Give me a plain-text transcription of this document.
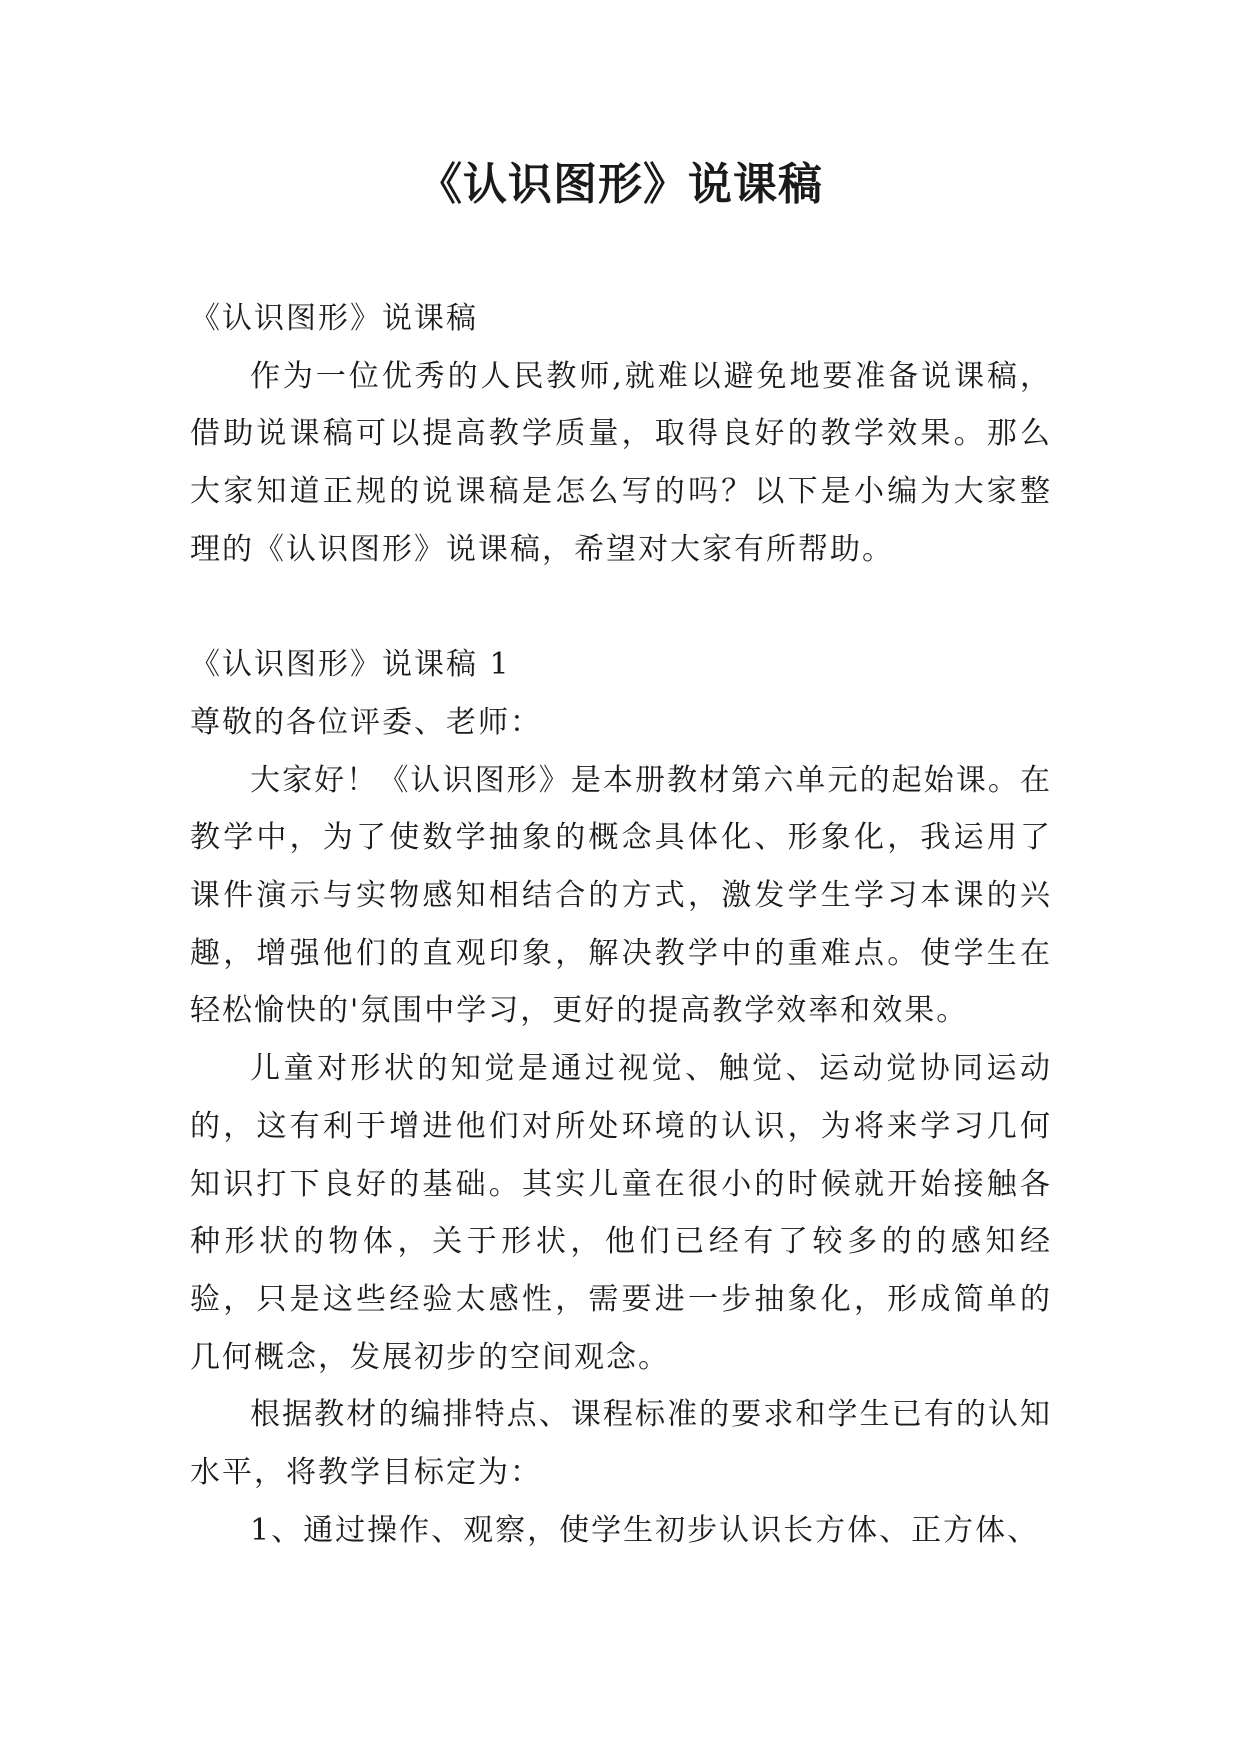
《认识图形》说课稿

《认识图形》说课稿

作为一位优秀的人民教师,就难以避免地要准备说课稿，借助说课稿可以提高教学质量，取得良好的教学效果。那么大家知道正规的说课稿是怎么写的吗？以下是小编为大家整理的《认识图形》说课稿，希望对大家有所帮助。

《认识图形》说课稿 1

尊敬的各位评委、老师：

大家好！《认识图形》是本册教材第六单元的起始课。在教学中，为了使数学抽象的概念具体化、形象化，我运用了课件演示与实物感知相结合的方式，激发学生学习本课的兴趣，增强他们的直观印象，解决教学中的重难点。使学生在轻松愉快的'氛围中学习，更好的提高教学效率和效果。

儿童对形状的知觉是通过视觉、触觉、运动觉协同运动的，这有利于增进他们对所处环境的认识，为将来学习几何知识打下良好的基础。其实儿童在很小的时候就开始接触各种形状的物体，关于形状，他们已经有了较多的的感知经验，只是这些经验太感性，需要进一步抽象化，形成简单的几何概念，发展初步的空间观念。

根据教材的编排特点、课程标准的要求和学生已有的认知水平，将教学目标定为：

1、通过操作、观察，使学生初步认识长方体、正方体、
